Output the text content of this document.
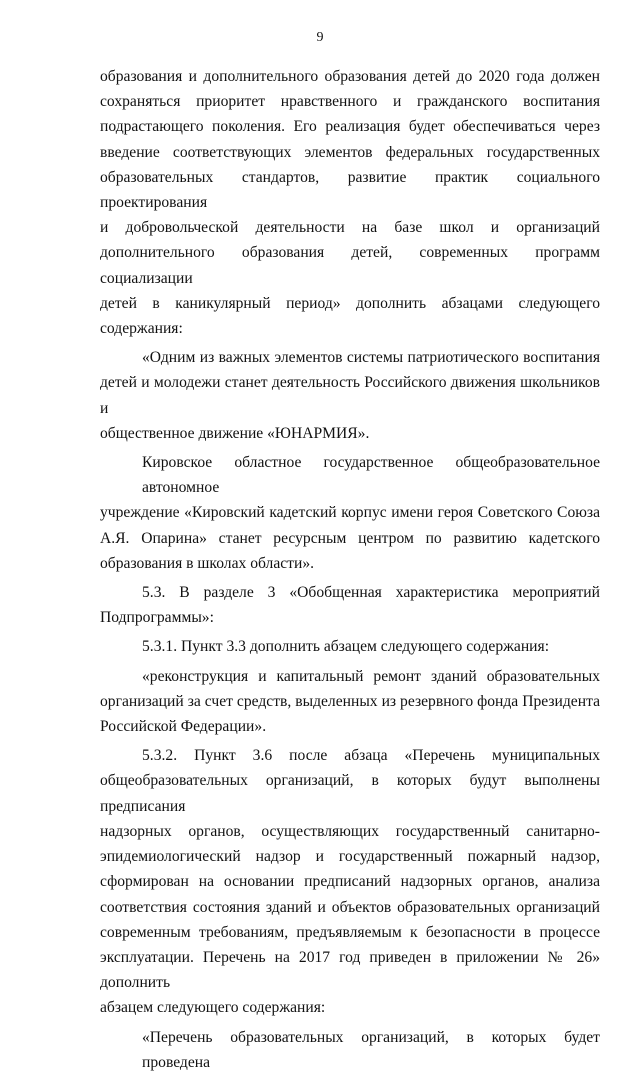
9

образования и дополнительного образования детей до 2020 года должен

сохраняться приоритет нравственного и гражданского воспитания

подрастающего поколения. Его реализация будет обеспечиваться через

введение соответствующих элементов федеральных государственных

образовательных стандартов, развитие практик социального проектирования

и добровольческой деятельности на базе школ и организаций

дополнительного образования детей, современных программ социализации

детей в каникулярный период» дополнить абзацами следующего содержания:

«Одним из важных элементов системы патриотического воспитания

детей и молодежи станет деятельность Российского движения школьников и

общественное движение «ЮНАРМИЯ».

Кировское областное государственное общеобразовательное автономное

учреждение «Кировский кадетский корпус имени героя Советского Союза

А.Я. Опарина» станет ресурсным центром по развитию кадетского

образования в школах области».

5.3. В разделе 3 «Обобщенная характеристика мероприятий

Подпрограммы»:

5.3.1. Пункт 3.3 дополнить абзацем следующего содержания:

«реконструкция и капитальный ремонт зданий образовательных

организаций за счет средств, выделенных из резервного фонда Президента

Российской Федерации».

5.3.2. Пункт 3.6 после абзаца «Перечень муниципальных

общеобразовательных организаций, в которых будут выполнены предписания

надзорных органов, осуществляющих государственный санитарно-

эпидемиологический надзор и государственный пожарный надзор,

сформирован на основании предписаний надзорных органов, анализа

соответствия состояния зданий и объектов образовательных организаций

современным требованиям, предъявляемым к безопасности в процессе

эксплуатации. Перечень на 2017 год приведен в приложении № 26» дополнить

абзацем следующего содержания:

«Перечень образовательных организаций, в которых будет проведена
